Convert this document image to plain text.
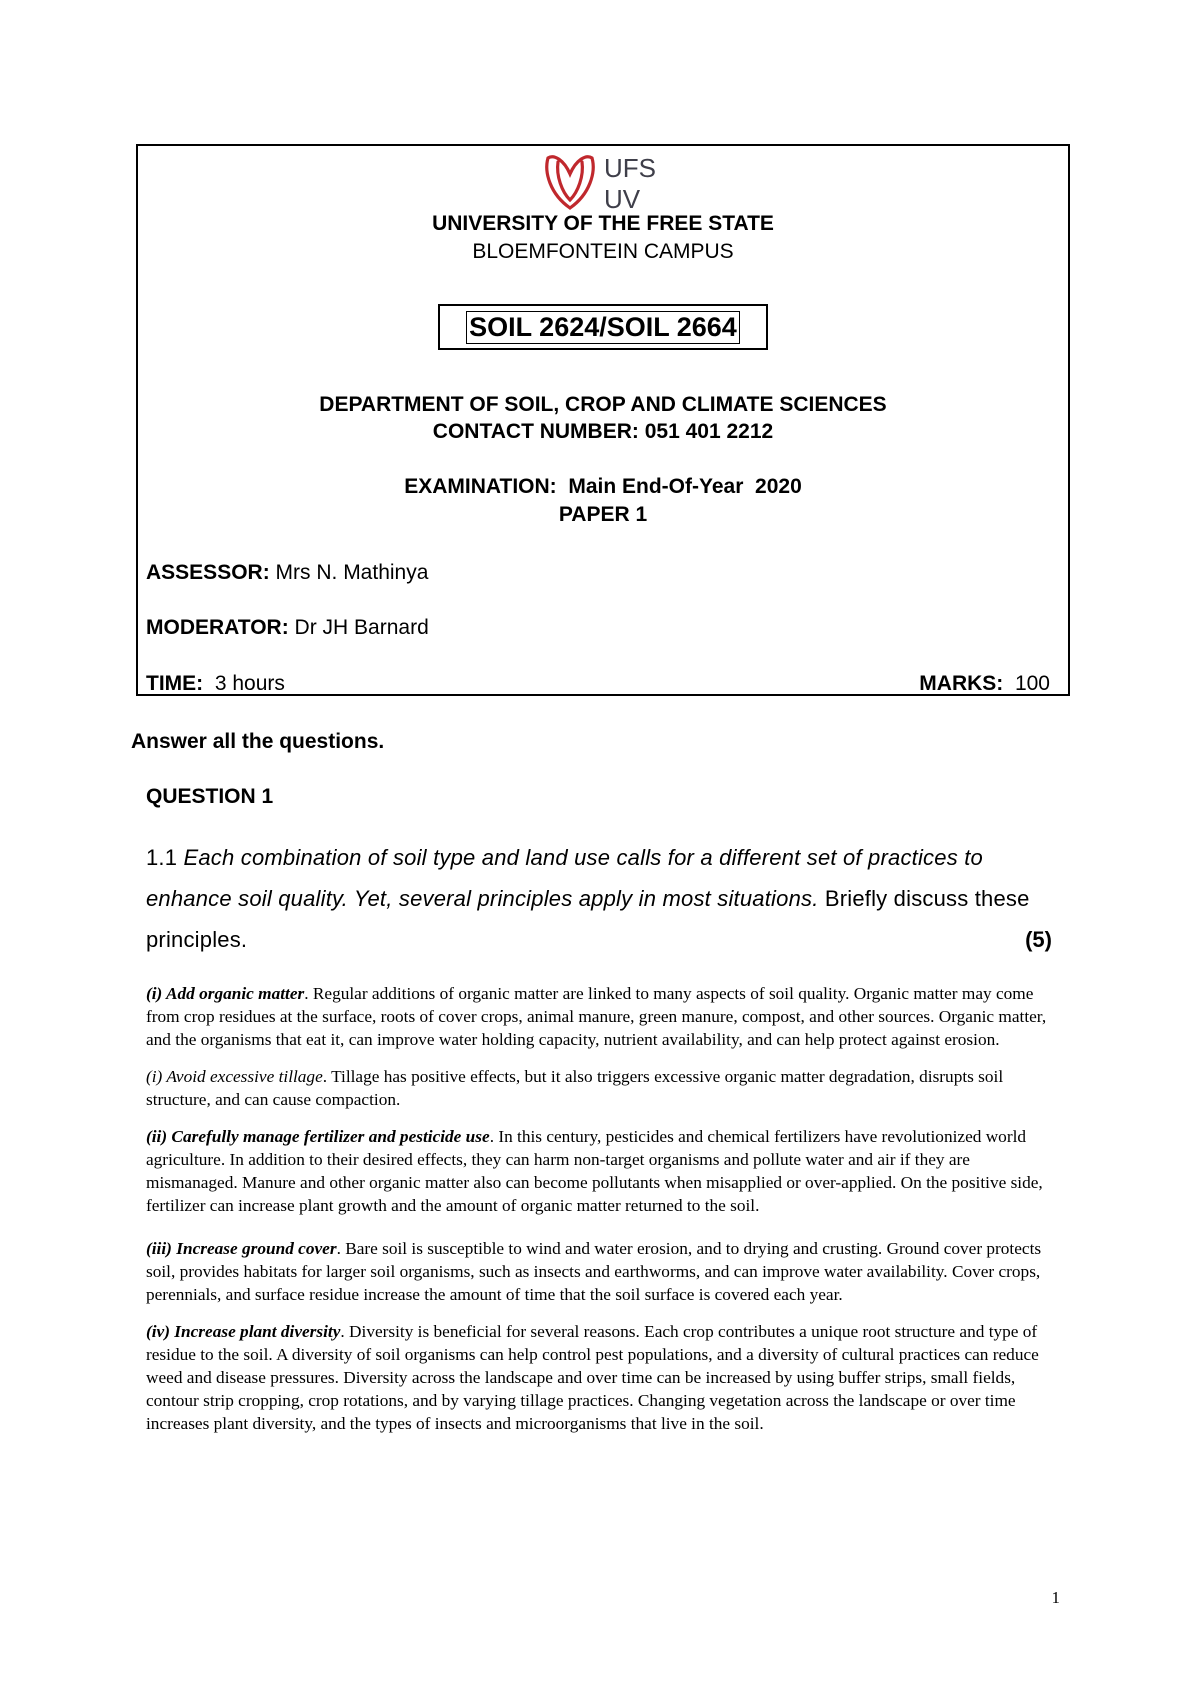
UFS
UV
UNIVERSITY OF THE FREE STATE
BLOEMFONTEIN CAMPUS
SOIL 2624/SOIL 2664
DEPARTMENT OF SOIL, CROP AND CLIMATE SCIENCES
CONTACT NUMBER: 051 401 2212
EXAMINATION:  Main End-Of-Year  2020
PAPER 1
ASSESSOR: Mrs N. Mathinya
MODERATOR: Dr JH Barnard
TIME:  3 hours	MARKS:  100
Answer all the questions.
QUESTION 1
1.1 Each combination of soil type and land use calls for a different set of practices to enhance soil quality. Yet, several principles apply in most situations. Briefly discuss these principles.	(5)

(i) Add organic matter. Regular additions of organic matter are linked to many aspects of soil quality. Organic matter may come from crop residues at the surface, roots of cover crops, animal manure, green manure, compost, and other sources. Organic matter, and the organisms that eat it, can improve water holding capacity, nutrient availability, and can help protect against erosion.

(i) Avoid excessive tillage. Tillage has positive effects, but it also triggers excessive organic matter degradation, disrupts soil structure, and can cause compaction.

(ii) Carefully manage fertilizer and pesticide use. In this century, pesticides and chemical fertilizers have revolutionized world agriculture. In addition to their desired effects, they can harm non-target organisms and pollute water and air if they are mismanaged. Manure and other organic matter also can become pollutants when misapplied or over-applied. On the positive side, fertilizer can increase plant growth and the amount of organic matter returned to the soil.

(iii) Increase ground cover. Bare soil is susceptible to wind and water erosion, and to drying and crusting. Ground cover protects soil, provides habitats for larger soil organisms, such as insects and earthworms, and can improve water availability. Cover crops, perennials, and surface residue increase the amount of time that the soil surface is covered each year.

(iv) Increase plant diversity. Diversity is beneficial for several reasons. Each crop contributes a unique root structure and type of residue to the soil. A diversity of soil organisms can help control pest populations, and a diversity of cultural practices can reduce weed and disease pressures. Diversity across the landscape and over time can be increased by using buffer strips, small fields, contour strip cropping, crop rotations, and by varying tillage practices. Changing vegetation across the landscape or over time increases plant diversity, and the types of insects and microorganisms that live in the soil.

1
